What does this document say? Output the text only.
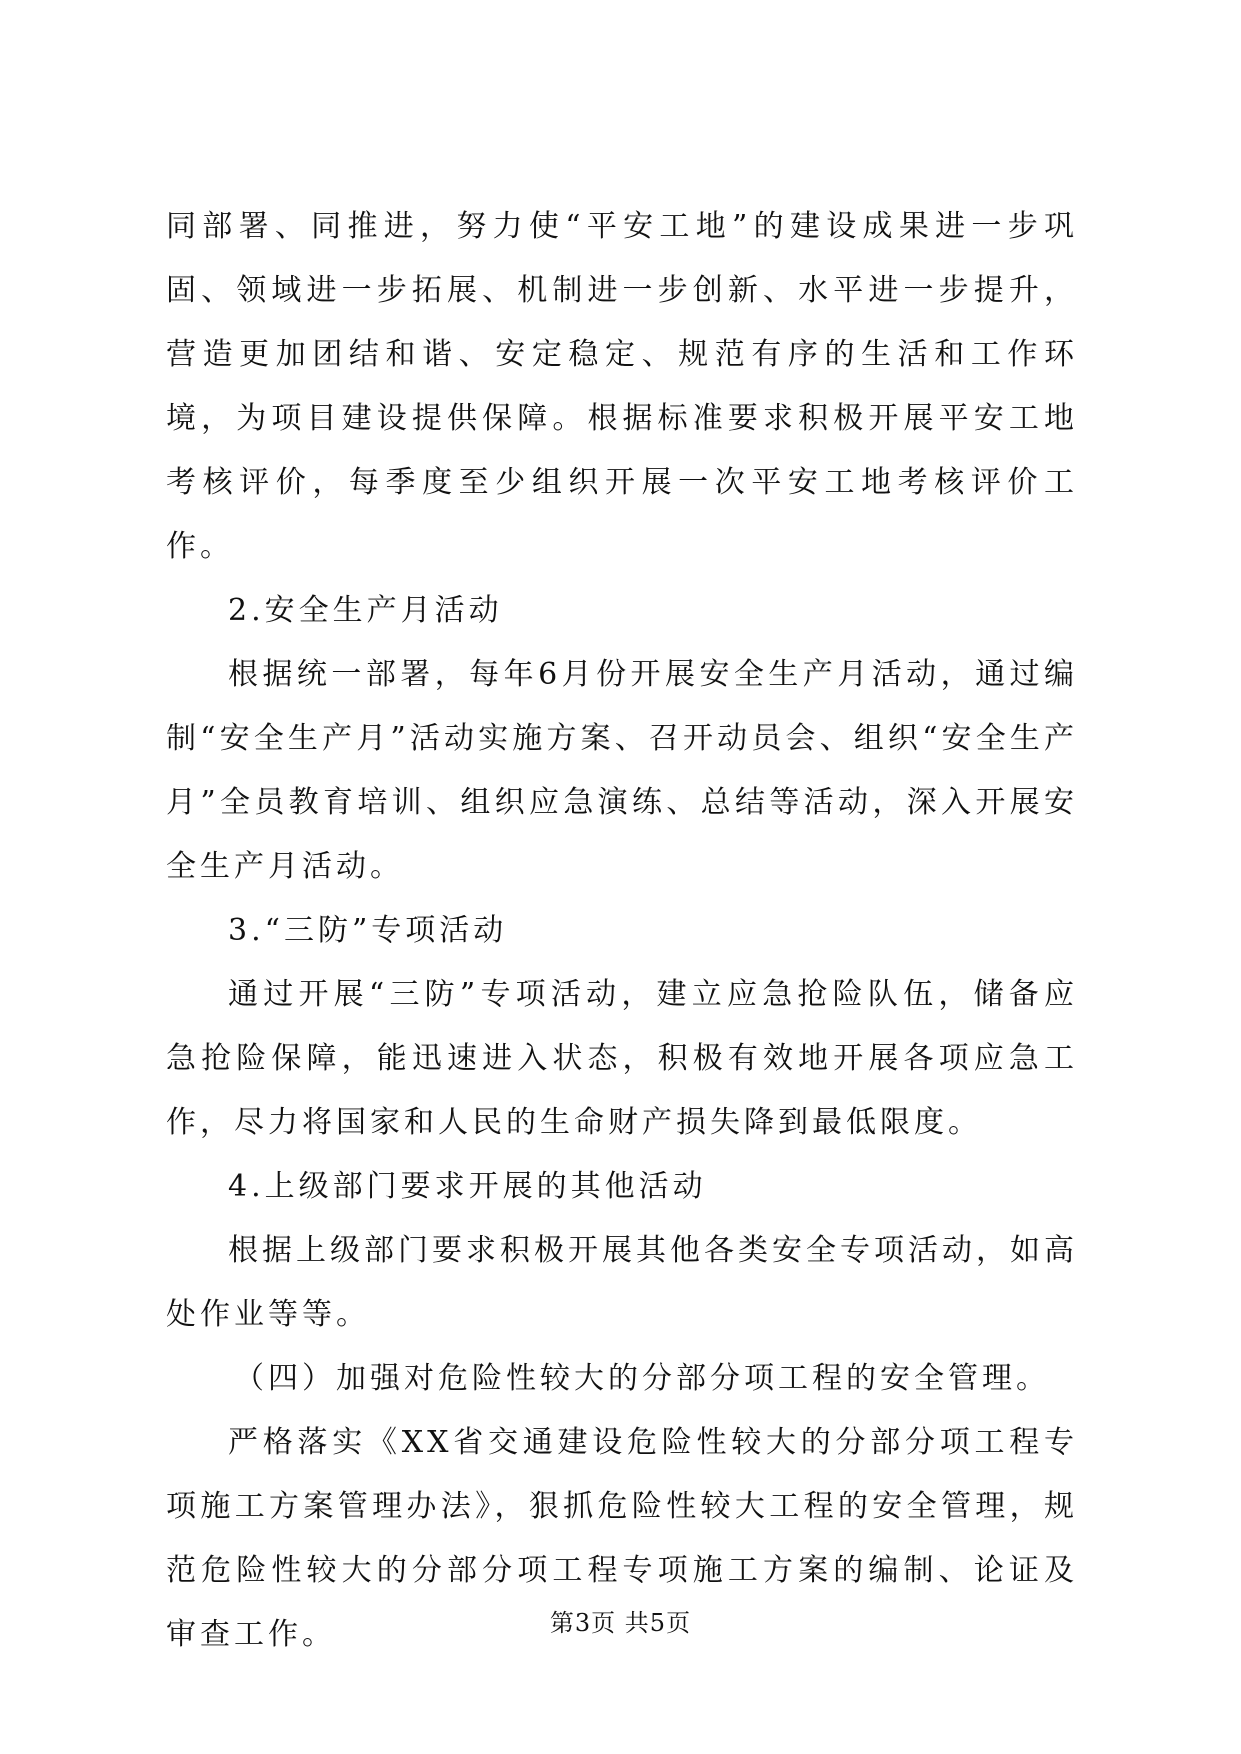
同部署、同推进，努力使“平安工地”的建设成果进一步巩固、领域进一步拓展、机制进一步创新、水平进一步提升，营造更加团结和谐、安定稳定、规范有序的生活和工作环境，为项目建设提供保障。根据标准要求积极开展平安工地考核评价，每季度至少组织开展一次平安工地考核评价工作。

2.安全生产月活动

根据统一部署，每年6月份开展安全生产月活动，通过编制“安全生产月”活动实施方案、召开动员会、组织“安全生产月”全员教育培训、组织应急演练、总结等活动，深入开展安全生产月活动。

3.“三防”专项活动

通过开展“三防”专项活动，建立应急抢险队伍，储备应急抢险保障，能迅速进入状态，积极有效地开展各项应急工作，尽力将国家和人民的生命财产损失降到最低限度。

4.上级部门要求开展的其他活动

根据上级部门要求积极开展其他各类安全专项活动，如高处作业等等。

（四）加强对危险性较大的分部分项工程的安全管理。

严格落实《XX省交通建设危险性较大的分部分项工程专项施工方案管理办法》，狠抓危险性较大工程的安全管理，规范危险性较大的分部分项工程专项施工方案的编制、论证及审查工作。	第3页 共5页
